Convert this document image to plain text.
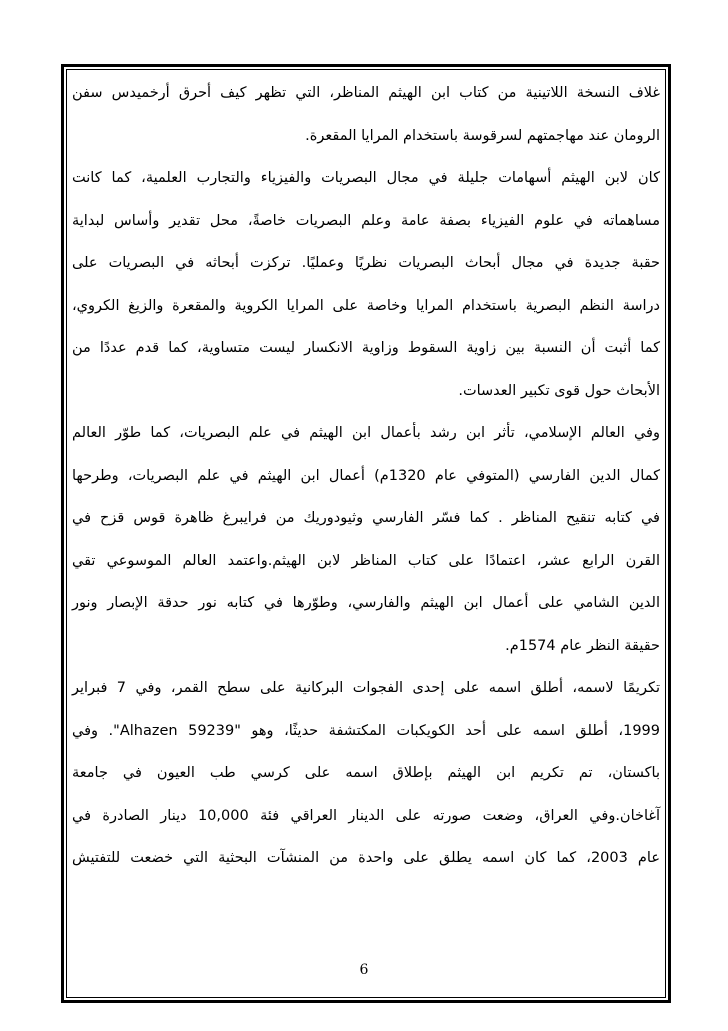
غلاف النسخة اللاتينية من كتاب ابن الهيثم المناظر، التي تظهر كيف أحرق أرخميدس سفن
الرومان عند مهاجمتهم لسرقوسة باستخدام المرايا المقعرة.
كان لابن الهيثم أسهامات جليلة في مجال البصريات والفيزياء والتجارب العلمية، كما كانت
مساهماته في علوم الفيزياء بصفة عامة وعلم البصريات خاصةً، محل تقدير وأساس لبداية
حقبة جديدة في مجال أبحاث البصريات نظريًا وعمليًا. تركزت أبحاثه في البصريات على
دراسة النظم البصرية باستخدام المرايا وخاصة على المرايا الكروية والمقعرة والزيغ الكروي،
كما أثبت أن النسبة بين زاوية السقوط وزاوية الانكسار ليست متساوية، كما قدم عددًا من
الأبحاث حول قوى تكبير العدسات.
وفي العالم الإسلامي، تأثر ابن رشد بأعمال ابن الهيثم في علم البصريات، كما طوّر العالم
كمال الدين الفارسي (المتوفي عام 1320م) أعمال ابن الهيثم في علم البصريات، وطرحها
في كتابه تنقيح المناظر . كما فسّر الفارسي وثيودوريك من فرايبرغ ظاهرة قوس قزح في
القرن الرابع عشر، اعتمادًا على كتاب المناظر لابن الهيثم.واعتمد العالم الموسوعي تقي
الدين الشامي على أعمال ابن الهيثم والفارسي، وطوّرها في كتابه نور حدقة الإبصار ونور
حقيقة النظر عام 1574م.
تكريمًا لاسمه، أطلق اسمه على إحدى الفجوات البركانية على سطح القمر، وفي 7 فبراير
1999، أطلق اسمه على أحد الكويكبات المكتشفة حديثًا، وهو "Alhazen 59239". وفي
باكستان، تم تكريم ابن الهيثم بإطلاق اسمه على كرسي طب العيون في جامعة
آغاخان.وفي العراق، وضعت صورته على الدينار العراقي فئة 10,000 دينار الصادرة في
عام 2003، كما كان اسمه يطلق على واحدة من المنشآت البحثية التي خضعت للتفتيش
6
